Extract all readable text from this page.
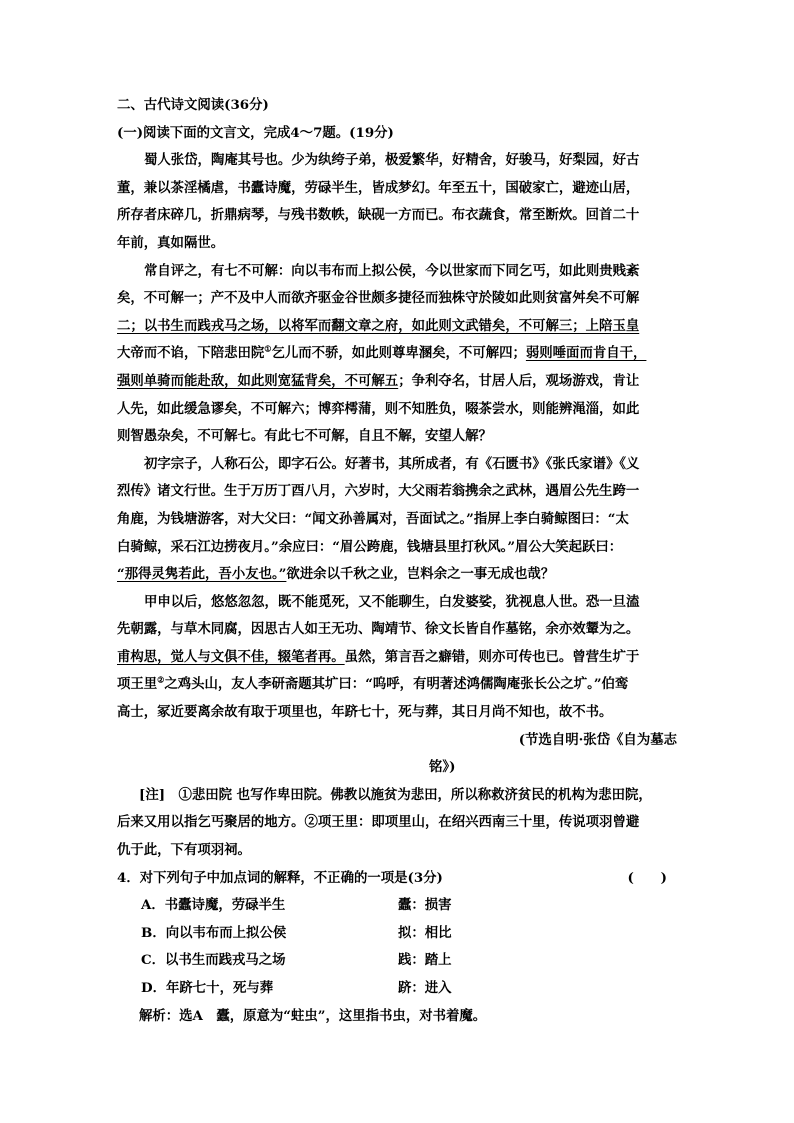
二、古代诗文阅读(36分)
(一)阅读下面的文言文，完成4～7题。(19分)
蜀人张岱，陶庵其号也。少为纨绔子弟，极爱繁华，好精舍，好骏马，好梨园，好古
董，兼以茶淫橘虐，书蠹诗魔，劳碌半生，皆成梦幻。年至五十，国破家亡，避迹山居，
所存者床碎几，折鼎病琴，与残书数帙，缺砚一方而已。布衣蔬食，常至断炊。回首二十
年前，真如隔世。
常自评之，有七不可解：向以韦布而上拟公侯，今以世家而下同乞丐，如此则贵贱紊
矣，不可解一；产不及中人而欲齐驱金谷世颇多捷径而独株守於陵如此则贫富舛矣不可解
二；以书生而践戎马之场，以将军而翻文章之府，如此则文武错矣，不可解三；上陪玉皇
大帝而不谄，下陪悲田院①乞儿而不骄，如此则尊卑溷矣，不可解四；弱则唾面而肯自干，
强则单骑而能赴敌，如此则宽猛背矣，不可解五；争利夺名，甘居人后，观场游戏，肯让
人先，如此缓急谬矣，不可解六；博弈樗蒲，则不知胜负，啜茶尝水，则能辨渑淄，如此
则智愚杂矣，不可解七。有此七不可解，自且不解，安望人解？
初字宗子，人称石公，即字石公。好著书，其所成者，有《石匮书》《张氏家谱》《义
烈传》诸文行世。生于万历丁酉八月，六岁时，大父雨若翁携余之武林，遇眉公先生跨一
角鹿，为钱塘游客，对大父曰：“闻文孙善属对，吾面试之。”指屏上李白骑鲸图曰：“太
白骑鲸，采石江边捞夜月。”余应曰：“眉公跨鹿，钱塘县里打秋风。”眉公大笑起跃曰：
“那得灵隽若此，吾小友也。”欲进余以千秋之业，岂料余之一事无成也哉？
甲申以后，悠悠忽忽，既不能觅死，又不能聊生，白发婆娑，犹视息人世。恐一旦溘
先朝露，与草木同腐，因思古人如王无功、陶靖节、徐文长皆自作墓铭，余亦效颦为之。
甫构思，觉人与文俱不佳，辍笔者再。虽然，第言吾之癖错，则亦可传也已。曾营生圹于
项王里②之鸡头山，友人李研斋题其圹曰：“呜呼，有明著述鸿儒陶庵张长公之圹。”伯鸾
高士，冢近要离余故有取于项里也，年跻七十，死与葬，其日月尚不知也，故不书。
(节选自明·张岱《自为墓志
铭》)
[注]　①悲田院 也写作卑田院。佛教以施贫为悲田，所以称救济贫民的机构为悲田院，
后来又用以指乞丐聚居的地方。②项王里：即项里山，在绍兴西南三十里，传说项羽曾避
仇于此，下有项羽祠。
4．对下列句子中加点词的解释，不正确的一项是(3分)	(　　)
A．书蠹诗魔，劳碌半生	蠹：损害
B．向以韦布而上拟公侯	拟：相比
C．以书生而践戎马之场	践：踏上
D．年跻七十，死与葬	跻：进入
解析：选A　蠹，原意为“蛀虫”，这里指书虫，对书着魔。
